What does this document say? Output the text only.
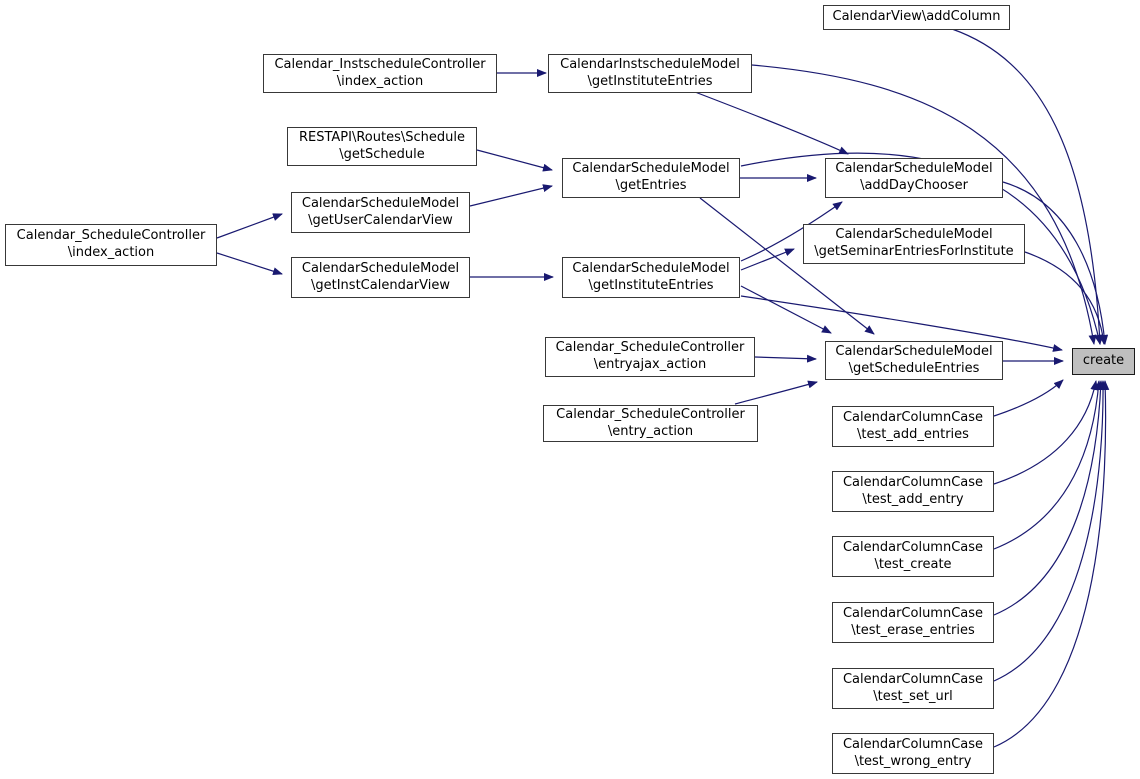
CalendarView\addColumn
Calendar_InstscheduleController
\index_action
CalendarInstscheduleModel
\getInstituteEntries
RESTAPI\Routes\Schedule
\getSchedule
CalendarScheduleModel
\getUserCalendarView
Calendar_ScheduleController
\index_action
CalendarScheduleModel
\getInstCalendarView
CalendarScheduleModel
\getEntries
CalendarScheduleModel
\addDayChooser
CalendarScheduleModel
\getSeminarEntriesForInstitute
CalendarScheduleModel
\getInstituteEntries
Calendar_ScheduleController
\entryajax_action
CalendarScheduleModel
\getScheduleEntries
Calendar_ScheduleController
\entry_action
create
CalendarColumnCase
\test_add_entries
CalendarColumnCase
\test_add_entry
CalendarColumnCase
\test_create
CalendarColumnCase
\test_erase_entries
CalendarColumnCase
\test_set_url
CalendarColumnCase
\test_wrong_entry
